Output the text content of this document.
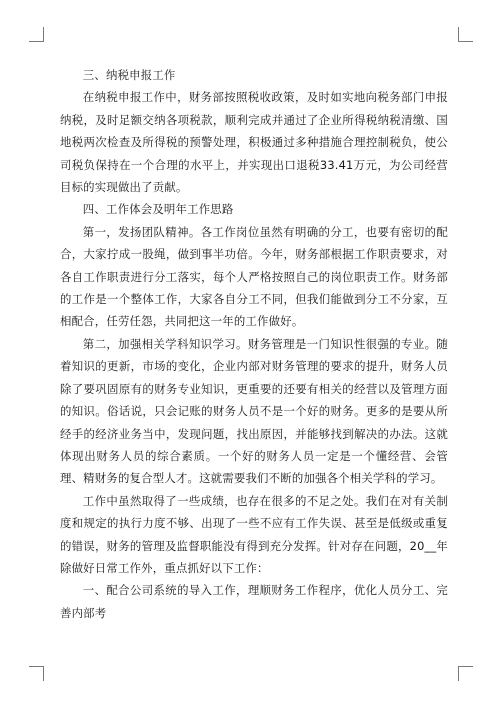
三、纳税申报工作

在纳税申报工作中，财务部按照税收政策，及时如实地向税务部门申报纳税，及时足额交纳各项税款，顺利完成并通过了企业所得税纳税清缴、国地税两次检查及所得税的预警处理，积极通过多种措施合理控制税负，使公司税负保持在一个合理的水平上，并实现出口退税33.41万元，为公司经营目标的实现做出了贡献。

四、工作体会及明年工作思路

第一，发扬团队精神。各工作岗位虽然有明确的分工，也要有密切的配合，大家拧成一股绳，做到事半功倍。今年，财务部根据工作职责要求，对各自工作职责进行分工落实，每个人严格按照自己的岗位职责工作。财务部的工作是一个整体工作，大家各自分工不同，但我们能做到分工不分家，互相配合，任劳任怨，共同把这一年的工作做好。

第二，加强相关学科知识学习。财务管理是一门知识性很强的专业。随着知识的更新，市场的变化，企业内部对财务管理的要求的提升，财务人员除了要巩固原有的财务专业知识，更重要的还要有相关的经营以及管理方面的知识。俗话说，只会记账的财务人员不是一个好的财务。更多的是要从所经手的经济业务当中，发现问题，找出原因，并能够找到解决的办法。这就体现出财务人员的综合素质。一个好的财务人员一定是一个懂经营、会管理、精财务的复合型人才。这就需要我们不断的加强各个相关学科的学习。

工作中虽然取得了一些成绩，也存在很多的不足之处。我们在对有关制度和规定的执行力度不够、出现了一些不应有工作失误、甚至是低级或重复的错误，财务的管理及监督职能没有得到充分发挥。针对存在问题，20__年除做好日常工作外，重点抓好以下工作：

一、配合公司系统的导入工作，理顺财务工作程序，优化人员分工、完善内部考
